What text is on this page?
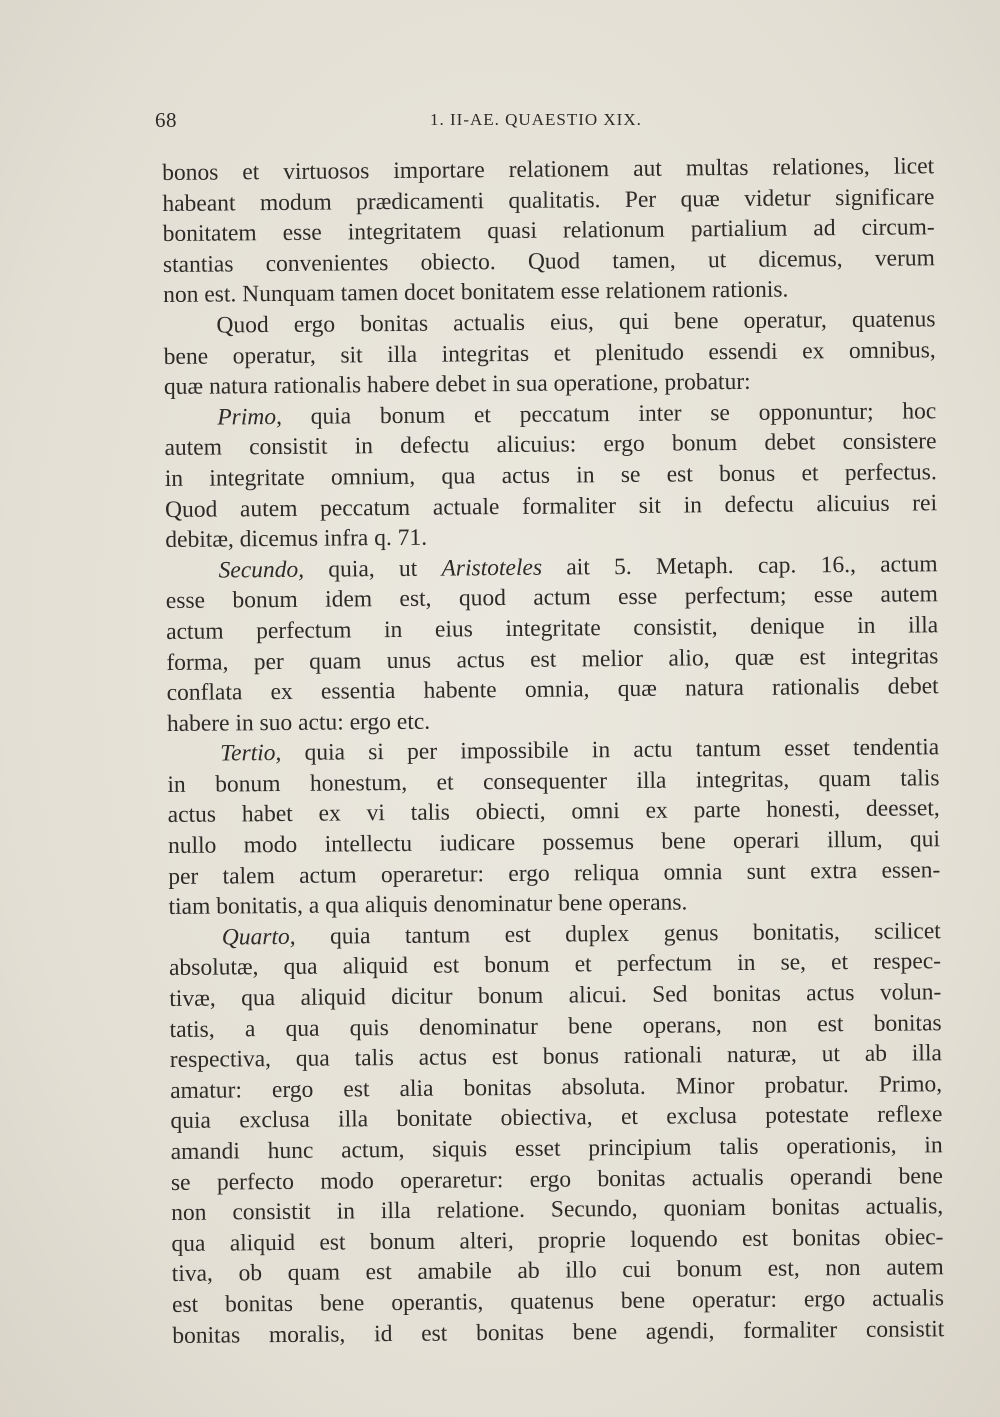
68	1. II-AE. QUAESTIO XIX.
bonos et virtuosos importare relationem aut multas relationes, licet
habeant modum prædicamenti qualitatis. Per quæ videtur significare
bonitatem esse integritatem quasi relationum partialium ad circum-
stantias convenientes obiecto. Quod tamen, ut dicemus, verum
non est. Nunquam tamen docet bonitatem esse relationem rationis.
Quod ergo bonitas actualis eius, qui bene operatur, quatenus
bene operatur, sit illa integritas et plenitudo essendi ex omnibus,
quæ natura rationalis habere debet in sua operatione, probatur:
Primo, quia bonum et peccatum inter se opponuntur; hoc
autem consistit in defectu alicuius: ergo bonum debet consistere
in integritate omnium, qua actus in se est bonus et perfectus.
Quod autem peccatum actuale formaliter sit in defectu alicuius rei
debitæ, dicemus infra q. 71.
Secundo, quia, ut Aristoteles ait 5. Metaph. cap. 16., actum
esse bonum idem est, quod actum esse perfectum; esse autem
actum perfectum in eius integritate consistit, denique in illa
forma, per quam unus actus est melior alio, quæ est integritas
conflata ex essentia habente omnia, quæ natura rationalis debet
habere in suo actu: ergo etc.
Tertio, quia si per impossibile in actu tantum esset tendentia
in bonum honestum, et consequenter illa integritas, quam talis
actus habet ex vi talis obiecti, omni ex parte honesti, deesset,
nullo modo intellectu iudicare possemus bene operari illum, qui
per talem actum operaretur: ergo reliqua omnia sunt extra essen-
tiam bonitatis, a qua aliquis denominatur bene operans.
Quarto, quia tantum est duplex genus bonitatis, scilicet
absolutæ, qua aliquid est bonum et perfectum in se, et respec-
tivæ, qua aliquid dicitur bonum alicui. Sed bonitas actus volun-
tatis, a qua quis denominatur bene operans, non est bonitas
respectiva, qua talis actus est bonus rationali naturæ, ut ab illa
amatur: ergo est alia bonitas absoluta. Minor probatur. Primo,
quia exclusa illa bonitate obiectiva, et exclusa potestate reflexe
amandi hunc actum, siquis esset principium talis operationis, in
se perfecto modo operaretur: ergo bonitas actualis operandi bene
non consistit in illa relatione. Secundo, quoniam bonitas actualis,
qua aliquid est bonum alteri, proprie loquendo est bonitas obiec-
tiva, ob quam est amabile ab illo cui bonum est, non autem
est bonitas bene operantis, quatenus bene operatur: ergo actualis
bonitas moralis, id est bonitas bene agendi, formaliter consistit
